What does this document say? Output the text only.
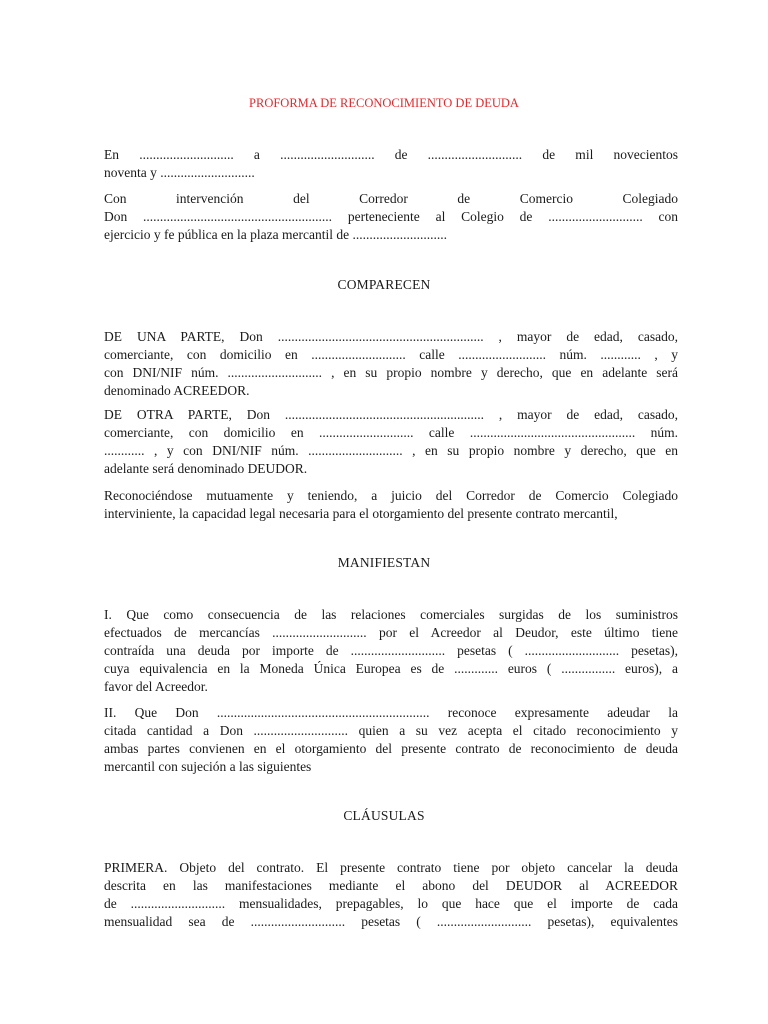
PROFORMA DE RECONOCIMIENTO DE DEUDA
En ............................ a ............................ de ............................ de mil novecientos
noventa y ............................
Con intervención del Corredor de Comercio Colegiado
Don ........................................................ perteneciente al Colegio de ............................ con
ejercicio y fe pública en la plaza mercantil de ............................
COMPARECEN
DE UNA PARTE, Don ............................................................. , mayor de edad, casado,
comerciante, con domicilio en ............................ calle .......................... núm. ............ , y
con DNI/NIF núm. ............................ , en su propio nombre y derecho, que en adelante será
denominado ACREEDOR.
DE OTRA PARTE, Don ........................................................... , mayor de edad, casado,
comerciante, con domicilio en ............................ calle ................................................. núm.
............ , y con DNI/NIF núm. ............................ , en su propio nombre y derecho, que en
adelante será denominado DEUDOR.
Reconociéndose mutuamente y teniendo, a juicio del Corredor de Comercio Colegiado
interviniente, la capacidad legal necesaria para el otorgamiento del presente contrato mercantil,
MANIFIESTAN
I. Que como consecuencia de las relaciones comerciales surgidas de los suministros
efectuados de mercancías ............................ por el Acreedor al Deudor, este último tiene
contraída una deuda por importe de ............................ pesetas ( ............................ pesetas),
cuya equivalencia en la Moneda Única Europea es de ............. euros ( ................ euros), a
favor del Acreedor.
II. Que Don ............................................................... reconoce expresamente adeudar la
citada cantidad a Don ............................ quien a su vez acepta el citado reconocimiento y
ambas partes convienen en el otorgamiento del presente contrato de reconocimiento de deuda
mercantil con sujeción a las siguientes
CLÁUSULAS
PRIMERA. Objeto del contrato. El presente contrato tiene por objeto cancelar la deuda
descrita en las manifestaciones mediante el abono del DEUDOR al ACREEDOR
de ............................ mensualidades, prepagables, lo que hace que el importe de cada
mensualidad sea de ............................ pesetas ( ............................ pesetas), equivalentes
